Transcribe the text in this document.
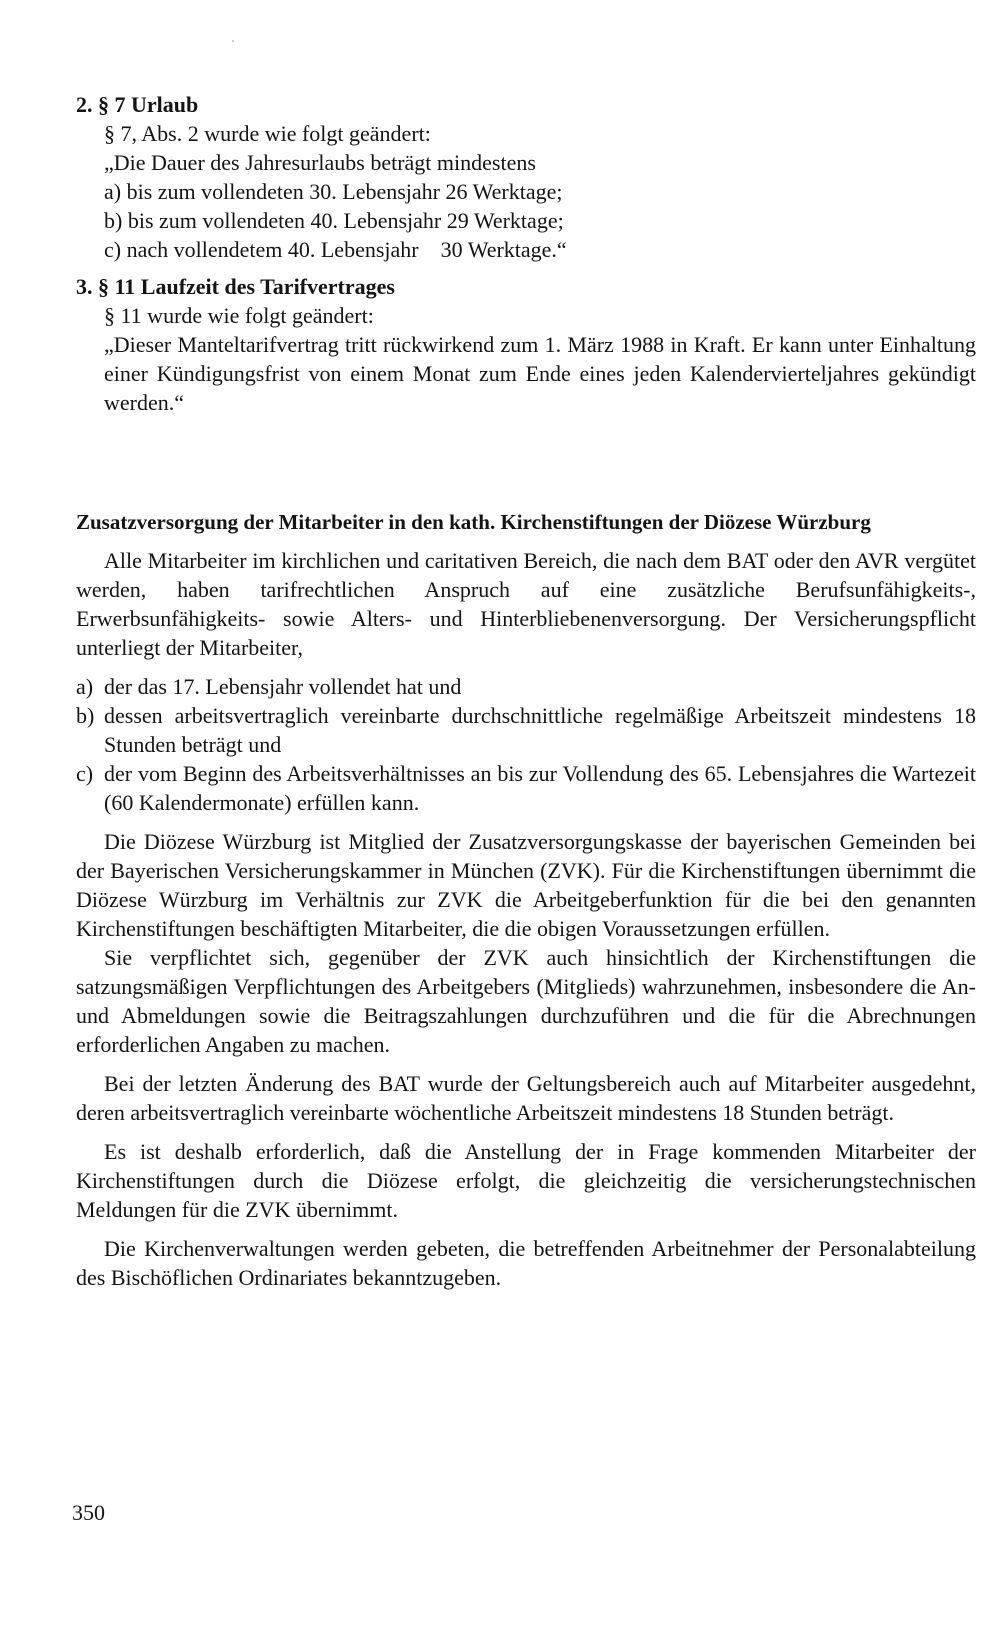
2. § 7 Urlaub
§ 7, Abs. 2 wurde wie folgt geändert:
„Die Dauer des Jahresurlaubs beträgt mindestens
a) bis zum vollendeten 30. Lebensjahr 26 Werktage;
b) bis zum vollendeten 40. Lebensjahr 29 Werktage;
c) nach vollendetem 40. Lebensjahr    30 Werktage.“
3. § 11 Laufzeit des Tarifvertrages
§ 11 wurde wie folgt geändert:
„Dieser Manteltarifvertrag tritt rückwirkend zum 1. März 1988 in Kraft. Er kann unter Einhaltung einer Kündigungsfrist von einem Monat zum Ende eines jeden Kalendervierteljahres gekündigt werden.“
Zusatzversorgung der Mitarbeiter in den kath. Kirchenstiftungen der Diözese Würzburg
Alle Mitarbeiter im kirchlichen und caritativen Bereich, die nach dem BAT oder den AVR vergütet werden, haben tarifrechtlichen Anspruch auf eine zusätzliche Berufsunfähigkeits-, Erwerbsunfähigkeits- sowie Alters- und Hinterbliebenenversorgung. Der Versicherungspflicht unterliegt der Mitarbeiter,
a) der das 17. Lebensjahr vollendet hat und
b) dessen arbeitsvertraglich vereinbarte durchschnittliche regelmäßige Arbeitszeit mindestens 18 Stunden beträgt und
c) der vom Beginn des Arbeitsverhältnisses an bis zur Vollendung des 65. Lebensjahres die Wartezeit (60 Kalendermonate) erfüllen kann.
Die Diözese Würzburg ist Mitglied der Zusatzversorgungskasse der bayerischen Gemeinden bei der Bayerischen Versicherungskammer in München (ZVK). Für die Kirchenstiftungen übernimmt die Diözese Würzburg im Verhältnis zur ZVK die Arbeitgeberfunktion für die bei den genannten Kirchenstiftungen beschäftigten Mitarbeiter, die die obigen Voraussetzungen erfüllen.
Sie verpflichtet sich, gegenüber der ZVK auch hinsichtlich der Kirchenstiftungen die satzungsmäßigen Verpflichtungen des Arbeitgebers (Mitglieds) wahrzunehmen, insbesondere die An- und Abmeldungen sowie die Beitragszahlungen durchzuführen und die für die Abrechnungen erforderlichen Angaben zu machen.
Bei der letzten Änderung des BAT wurde der Geltungsbereich auch auf Mitarbeiter ausgedehnt, deren arbeitsvertraglich vereinbarte wöchentliche Arbeitszeit mindestens 18 Stunden beträgt.
Es ist deshalb erforderlich, daß die Anstellung der in Frage kommenden Mitarbeiter der Kirchenstiftungen durch die Diözese erfolgt, die gleichzeitig die versicherungstechnischen Meldungen für die ZVK übernimmt.
Die Kirchenverwaltungen werden gebeten, die betreffenden Arbeitnehmer der Personalabteilung des Bischöflichen Ordinariates bekanntzugeben.
350
